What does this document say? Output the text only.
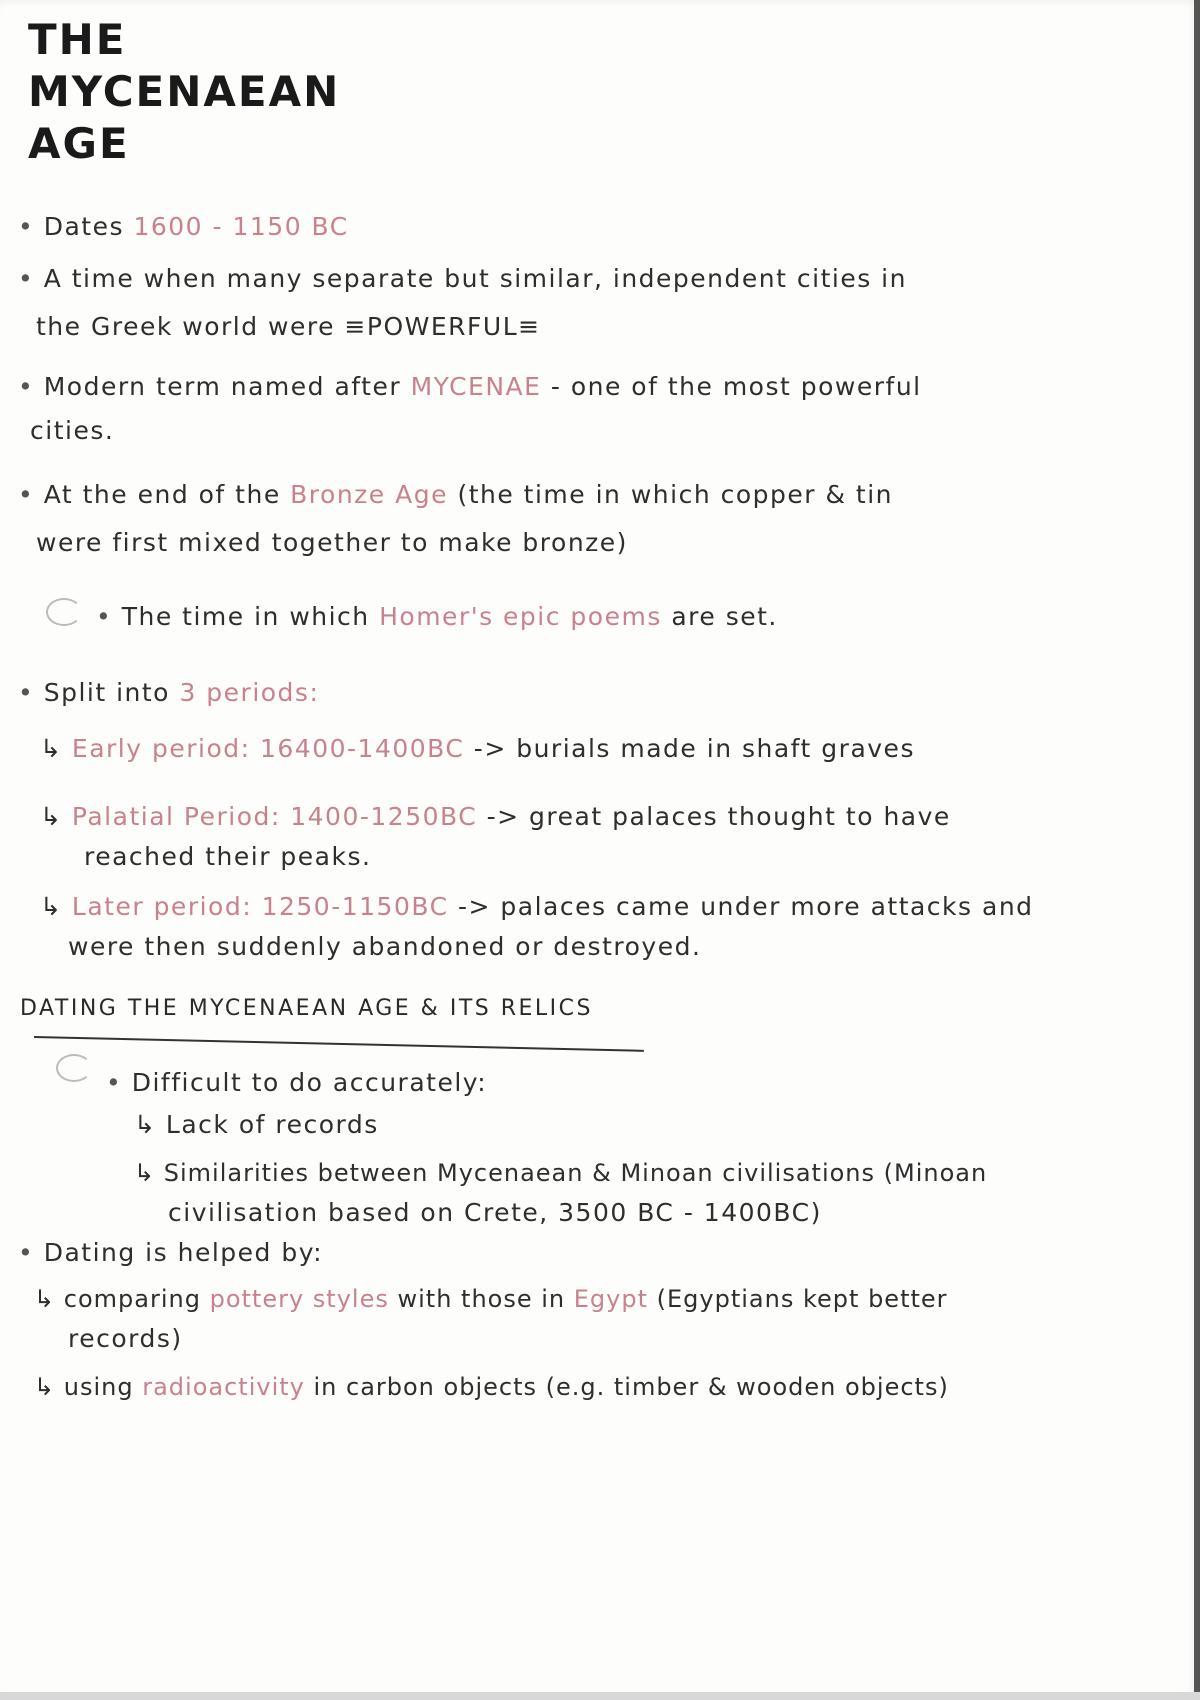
THE
MYCENAEAN
AGE
• Dates 1600 - 1150 BC
• A time when many separate but similar, independent cities in
the Greek world were ≡POWERFUL≡
• Modern term named after MYCENAE - one of the most powerful
cities.
• At the end of the Bronze Age (the time in which copper & tin
were first mixed together to make bronze)
• The time in which Homer's epic poems are set.
• Split into 3 periods:
↳ Early period: 16400-1400BC -> burials made in shaft graves
↳ Palatial Period: 1400-1250BC -> great palaces thought to have
reached their peaks.
↳ Later period: 1250-1150BC -> palaces came under more attacks and
were then suddenly abandoned or destroyed.
DATING THE MYCENAEAN AGE & ITS RELICS
• Difficult to do accurately:
↳ Lack of records
↳ Similarities between Mycenaean & Minoan civilisations (Minoan
civilisation based on Crete, 3500 BC - 1400BC)
• Dating is helped by:
↳ comparing pottery styles with those in Egypt (Egyptians kept better
records)
↳ using radioactivity in carbon objects (e.g. timber & wooden objects)
